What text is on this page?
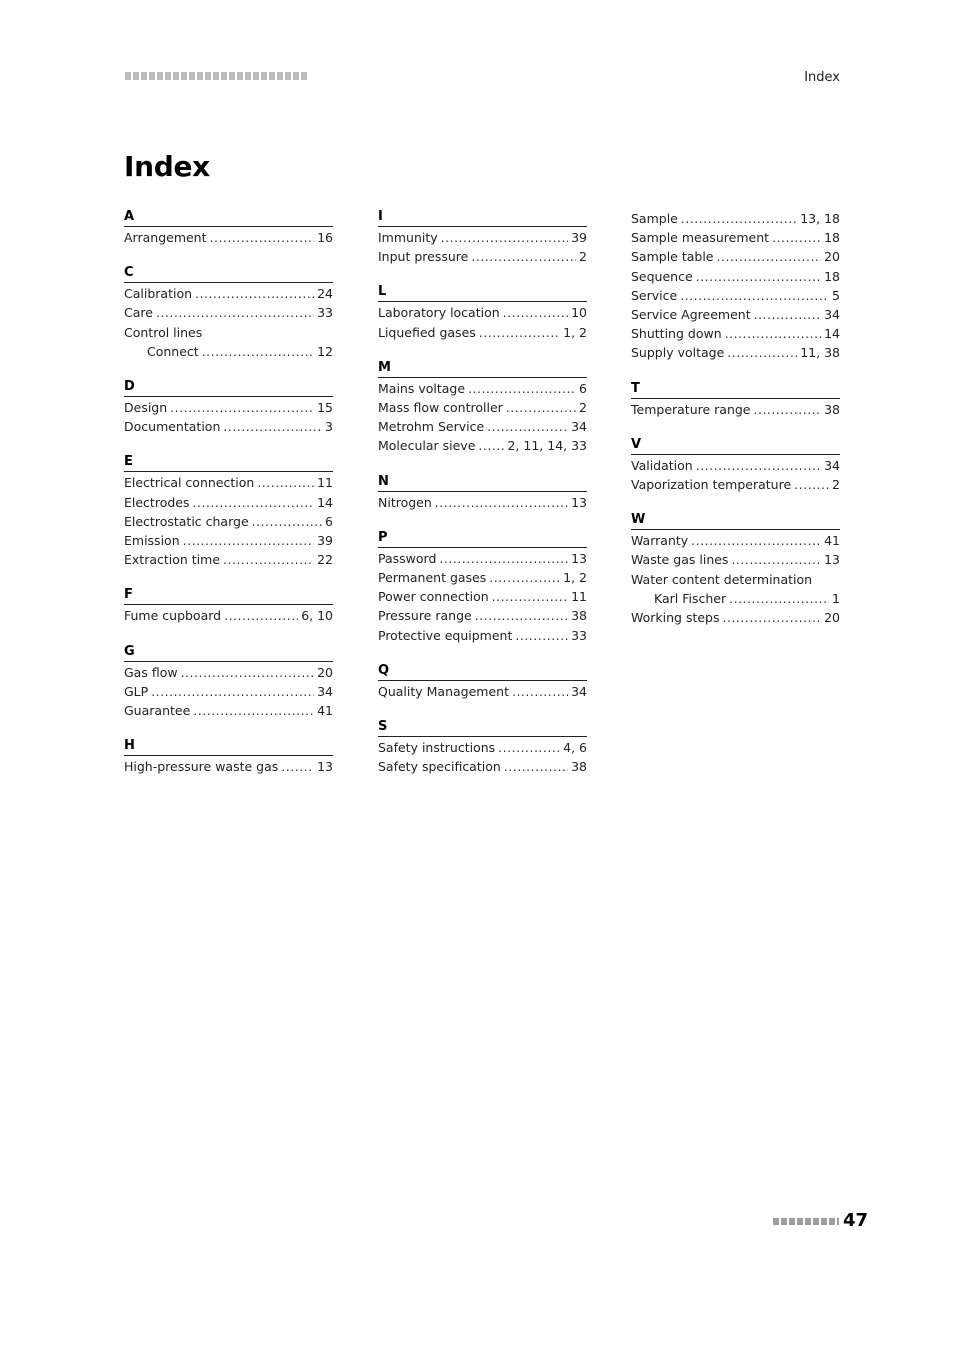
Index
Index
A
Arrangement .....	16
C
Calibration .....	24
Care .....	33
Control lines
Connect .....	12
D
Design .....	15
Documentation .....	3
E
Electrical connection .....	11
Electrodes .....	14
Electrostatic charge .....	6
Emission .....	39
Extraction time .....	22
F
Fume cupboard .....	6, 10
G
Gas flow .....	20
GLP .....	34
Guarantee .....	41
H
High-pressure waste gas .....	13
I
Immunity .....	39
Input pressure .....	2
L
Laboratory location .....	10
Liquefied gases .....	1, 2
M
Mains voltage .....	6
Mass flow controller .....	2
Metrohm Service .....	34
Molecular sieve .....	2, 11, 14, 33
N
Nitrogen .....	13
P
Password .....	13
Permanent gases .....	1, 2
Power connection .....	11
Pressure range .....	38
Protective equipment .....	33
Q
Quality Management .....	34
S
Safety instructions .....	4, 6
Safety specification .....	38
Sample .....	13, 18
Sample measurement .....	18
Sample table .....	20
Sequence .....	18
Service .....	5
Service Agreement .....	34
Shutting down .....	14
Supply voltage .....	11, 38
T
Temperature range .....	38
V
Validation .....	34
Vaporization temperature .....	2
W
Warranty .....	41
Waste gas lines .....	13
Water content determination
Karl Fischer .....	1
Working steps .....	20
47
